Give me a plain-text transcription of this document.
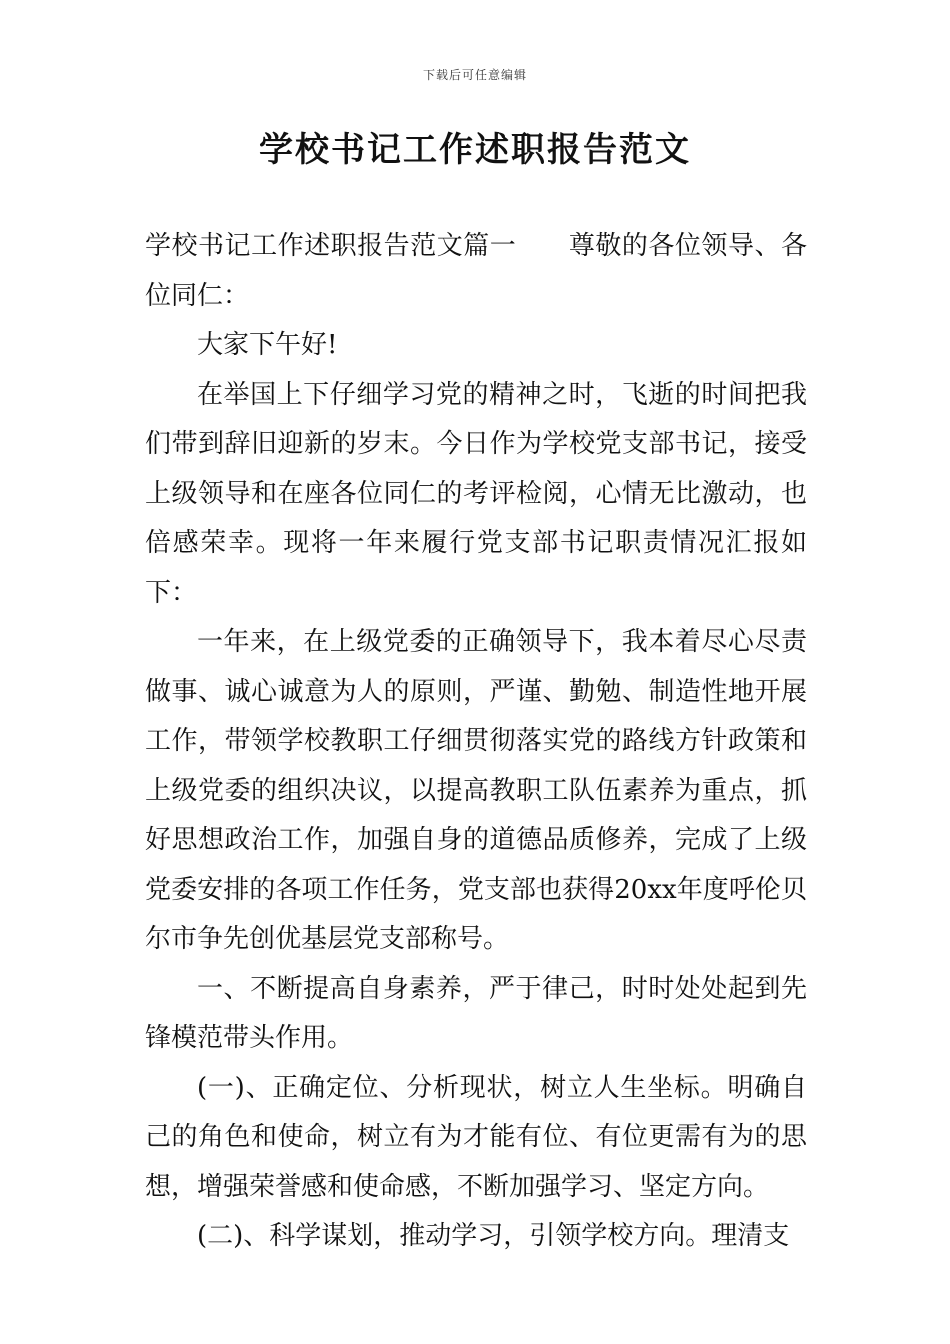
下载后可任意编辑
学校书记工作述职报告范文

学校书记工作述职报告范文篇一 尊敬的各位领导、各位同仁：

大家下午好!

在举国上下仔细学习党的精神之时，飞逝的时间把我们带到辞旧迎新的岁末。今日作为学校党支部书记，接受上级领导和在座各位同仁的考评检阅，心情无比激动，也倍感荣幸。现将一年来履行党支部书记职责情况汇报如下：

一年来，在上级党委的正确领导下，我本着尽心尽责做事、诚心诚意为人的原则，严谨、勤勉、制造性地开展工作，带领学校教职工仔细贯彻落实党的路线方针政策和上级党委的组织决议，以提高教职工队伍素养为重点，抓好思想政治工作，加强自身的道德品质修养，完成了上级党委安排的各项工作任务，党支部也获得20xx年度呼伦贝尔市争先创优基层党支部称号。

一、不断提高自身素养，严于律己，时时处处起到先锋模范带头作用。

(一)、正确定位、分析现状，树立人生坐标。明确自己的角色和使命，树立有为才能有位、有位更需有为的思想，增强荣誉感和使命感，不断加强学习、坚定方向。

(二)、科学谋划，推动学习，引领学校方向。理清支
